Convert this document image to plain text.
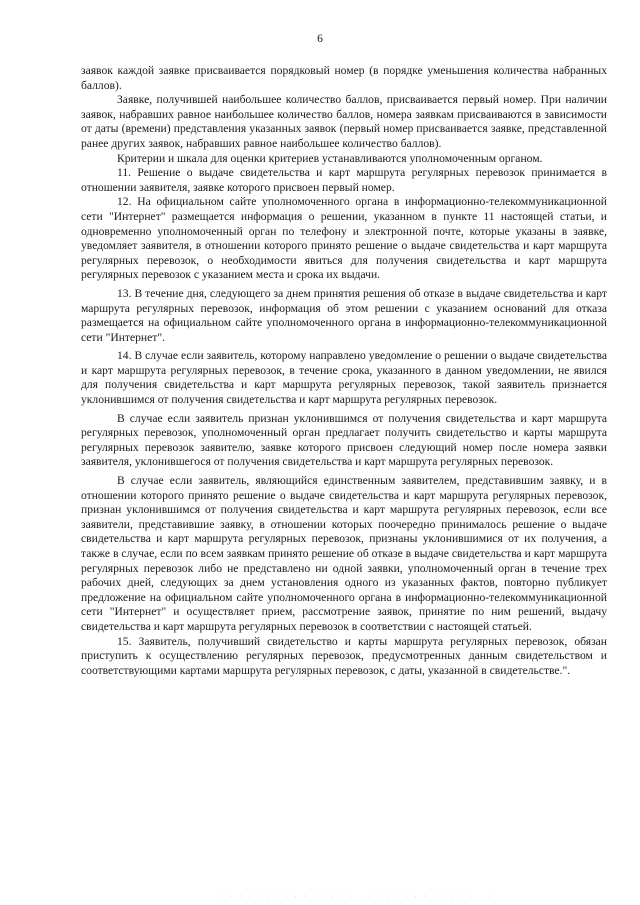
6

заявок каждой заявке присваивается порядковый номер (в порядке уменьшения количества набранных баллов).

Заявке, получившей наибольшее количество баллов, присваивается первый номер. При наличии заявок, набравших равное наибольшее количество баллов, номера заявкам присваиваются в зависимости от даты (времени) представления указанных заявок (первый номер присваивается заявке, представленной ранее других заявок, набравших равное наибольшее количество баллов).

Критерии и шкала для оценки критериев устанавливаются уполномоченным органом.

11. Решение о выдаче свидетельства и карт маршрута регулярных перевозок принимается в отношении заявителя, заявке которого присвоен первый номер.

12. На официальном сайте уполномоченного органа в информационно-телекоммуникационной сети "Интернет" размещается информация о решении, указанном в пункте 11 настоящей статьи, и одновременно уполномоченный орган по телефону и электронной почте, которые указаны в заявке, уведомляет заявителя, в отношении которого принято решение о выдаче свидетельства и карт маршрута регулярных перевозок, о необходимости явиться для получения свидетельства и карт маршрута регулярных перевозок с указанием места и срока их выдачи.

13. В течение дня, следующего за днем принятия решения об отказе в выдаче свидетельства и карт маршрута регулярных перевозок, информация об этом решении с указанием оснований для отказа размещается на официальном сайте уполномоченного органа в информационно-телекоммуникационной сети "Интернет".

14. В случае если заявитель, которому направлено уведомление о решении о выдаче свидетельства и карт маршрута регулярных перевозок, в течение срока, указанного в данном уведомлении, не явился для получения свидетельства и карт маршрута регулярных перевозок, такой заявитель признается уклонившимся от получения свидетельства и карт маршрута регулярных перевозок.

В случае если заявитель признан уклонившимся от получения свидетельства и карт маршрута регулярных перевозок, уполномоченный орган предлагает получить свидетельство и карты маршрута регулярных перевозок заявителю, заявке которого присвоен следующий номер после номера заявки заявителя, уклонившегося от получения свидетельства и карт маршрута регулярных перевозок.

В случае если заявитель, являющийся единственным заявителем, представившим заявку, и в отношении которого принято решение о выдаче свидетельства и карт маршрута регулярных перевозок, признан уклонившимся от получения свидетельства и карт маршрута регулярных перевозок, если все заявители, представившие заявку, в отношении которых поочередно принималось решение о выдаче свидетельства и карт маршрута регулярных перевозок, признаны уклонившимися от их получения, а также в случае, если по всем заявкам принято решение об отказе в выдаче свидетельства и карт маршрута регулярных перевозок либо не представлено ни одной заявки, уполномоченный орган в течение трех рабочих дней, следующих за днем установления одного из указанных фактов, повторно публикует предложение на официальном сайте уполномоченного органа в информационно-телекоммуникационной сети "Интернет" и осуществляет прием, рассмотрение заявок, принятие по ним решений, выдачу свидетельства и карт маршрута регулярных перевозок в соответствии с настоящей статьей.

15. Заявитель, получивший свидетельство и карты маршрута регулярных перевозок, обязан приступить к осуществлению регулярных перевозок, предусмотренных данным свидетельством и соответствующими картами маршрута регулярных перевозок, с даты, указанной в свидетельстве.".

· · · · · · · · · · · · · · · · · · · · · · · · · · · · · ·
